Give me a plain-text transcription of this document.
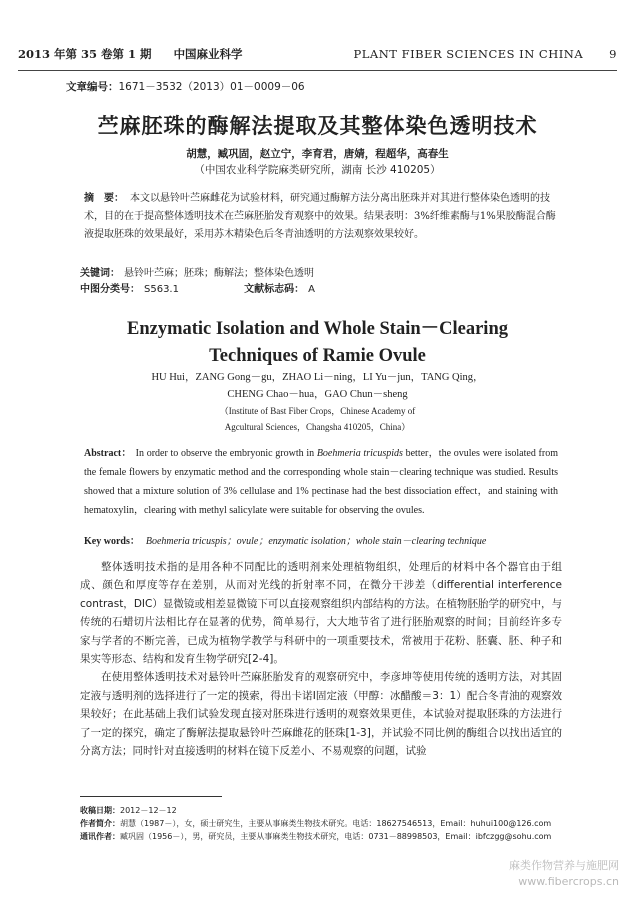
2013 年第 35 卷第 1 期 中国麻业科学	PLANT FIBER SCIENCES IN CHINA 9
文章编号：1671－3532（2013）01－0009－06
苎麻胚珠的酶解法提取及其整体染色透明技术
胡慧，臧巩固，赵立宁，李育君，唐婧，程超华，高春生
（中国农业科学院麻类研究所，湖南 长沙 410205）
摘　要： 本文以悬铃叶苎麻雌花为试验材料，研究通过酶解方法分离出胚珠并对其进行整体染色透明的技术，目的在于提高整体透明技术在苎麻胚胎发育观察中的效果。结果表明：3%纤维素酶与1%果胶酶混合酶液提取胚珠的效果最好，采用苏木精染色后冬青油透明的方法观察效果较好。
关键词： 悬铃叶苎麻；胚珠；酶解法；整体染色透明
中图分类号： S563.1	文献标志码： A
Enzymatic Isolation and Whole Stain－Clearing
Techniques of Ramie Ovule
HU Hui，ZANG Gong－gu，ZHAO Li－ning，LI Yu－jun，TANG Qing，
CHENG Chao－hua，GAO Chun－sheng
（Institute of Bast Fiber Crops，Chinese Academy of
Agcultural Sciences，Changsha 410205，China）
Abstract： In order to observe the embryonic growth in Boehmeria tricuspids better，the ovules were isolated from the female flowers by enzymatic method and the corresponding whole stain－clearing technique was studied. Results showed that a mixture solution of 3% cellulase and 1% pectinase had the best dissociation effect，and staining with hematoxylin，clearing with methyl salicylate were suitable for observing the ovules.
Key words： Boehmeria tricuspis；ovule；enzymatic isolation；whole stain－clearing technique

整体透明技术指的是用各种不同配比的透明剂来处理植物组织，处理后的材料中各个器官由于组成、颜色和厚度等存在差别，从而对光线的折射率不同，在微分干涉差（differential interference contrast，DIC）显微镜或相差显微镜下可以直接观察组织内部结构的方法。在植物胚胎学的研究中，与传统的石蜡切片法相比存在显著的优势，简单易行，大大地节省了进行胚胎观察的时间；目前经许多专家与学者的不断完善，已成为植物学教学与科研中的一项重要技术，常被用于花粉、胚囊、胚、种子和果实等形态、结构和发育生物学研究[2-4]。

在使用整体透明技术对悬铃叶苎麻胚胎发育的观察研究中，李彦坤等使用传统的透明方法，对其固定液与透明剂的选择进行了一定的摸索，得出卡诺Ⅰ固定液（甲醇：冰醋酸＝3：1）配合冬青油的观察效果较好；在此基础上我们试验发现直接对胚珠进行透明的观察效果更佳，本试验对提取胚珠的方法进行了一定的探究，确定了酶解法提取悬铃叶苎麻雌花的胚珠[1-3]，并试验不同比例的酶组合以找出适宜的分离方法；同时针对直接透明的材料在镜下反差小、不易观察的问题，试验

收稿日期：2012－12－12
作者简介：胡慧（1987－），女，硕士研究生，主要从事麻类生物技术研究。电话：18627546513，Email：huhui100@126.com
通讯作者：臧巩固（1956－），男，研究员，主要从事麻类生物技术研究，电话：0731－88998503，Email：ibfczgg@sohu.com
麻类作物营养与施肥网
www.fibercrops.cn
